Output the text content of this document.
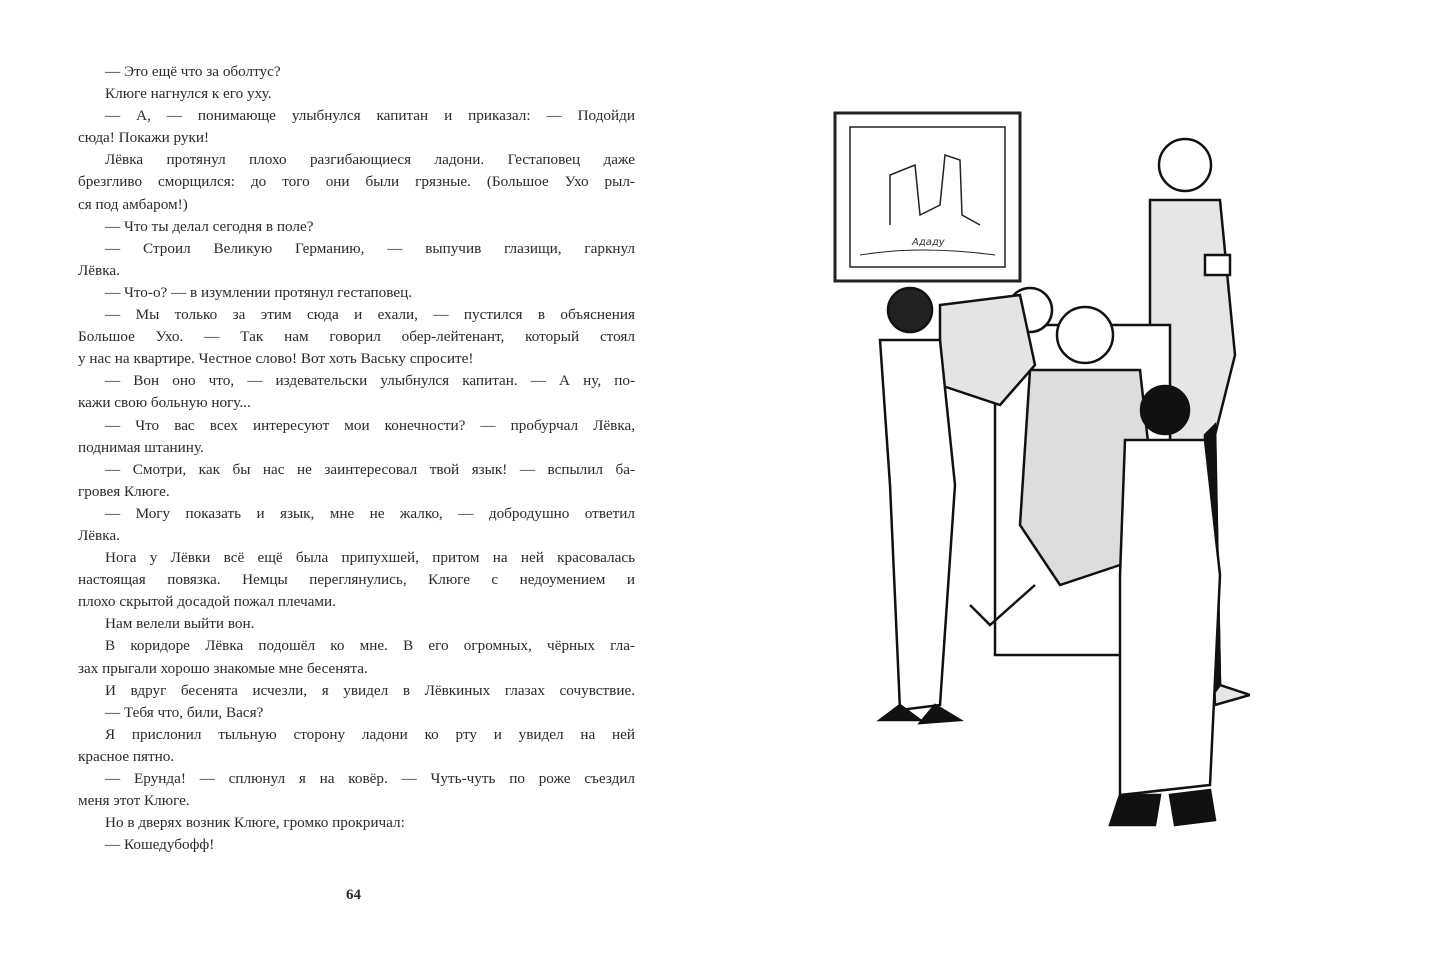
— Это ещё что за оболтус?
Клюге нагнулся к его уху.
— А, — понимающе улыбнулся капитан и приказал: — Подойди
сюда! Покажи руки!
Лёвка протянул плохо разгибающиеся ладони. Гестаповец даже
брезгливо сморщился: до того они были грязные. (Большое Ухо рыл-
ся под амбаром!)
— Что ты делал сегодня в поле?
— Строил Великую Германию, — выпучив глазищи, гаркнул
Лёвка.
— Что-о? — в изумлении протянул гестаповец.
— Мы только за этим сюда и ехали, — пустился в объяснения
Большое Ухо. — Так нам говорил обер-лейтенант, который стоял
у нас на квартире. Честное слово! Вот хоть Ваську спросите!
— Вон оно что, — издевательски улыбнулся капитан. — А ну, по-
кажи свою больную ногу...
— Что вас всех интересуют мои конечности? — пробурчал Лёвка,
поднимая штанину.
— Смотри, как бы нас не заинтересовал твой язык! — вспылил ба-
гровея Клюге.
— Могу показать и язык, мне не жалко, — добродушно ответил
Лёвка.
Нога у Лёвки всё ещё была припухшей, притом на ней красовалась
настоящая повязка. Немцы переглянулись, Клюге с недоумением и
плохо скрытой досадой пожал плечами.
Нам велели выйти вон.
В коридоре Лёвка подошёл ко мне. В его огромных, чёрных гла-
зах прыгали хорошо знакомые мне бесенята.
И вдруг бесенята исчезли, я увидел в Лёвкиных глазах сочувствие.
— Тебя что, били, Вася?
Я прислонил тыльную сторону ладони ко рту и увидел на ней
красное пятно.
— Ерунда! — сплюнул я на ковёр. — Чуть-чуть по роже съездил
меня этот Клюге.
Но в дверях возник Клюге, громко прокричал:
— Кошедубофф!
64
Ададу
